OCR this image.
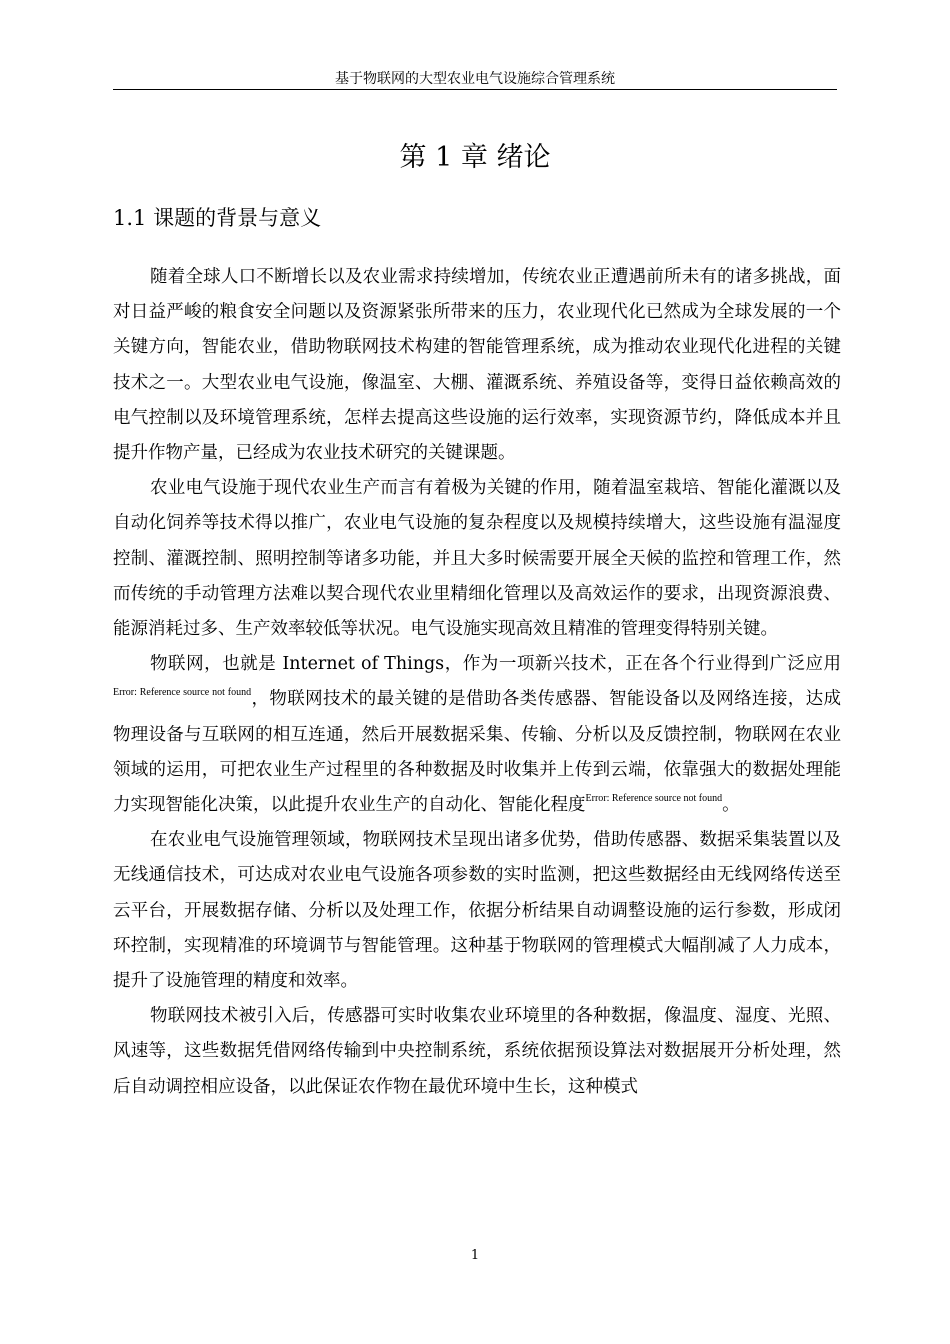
基于物联网的大型农业电气设施综合管理系统
第 1 章 绪论
1.1 课题的背景与意义

随着全球人口不断增长以及农业需求持续增加，传统农业正遭遇前所未有的诸多挑战，面对日益严峻的粮食安全问题以及资源紧张所带来的压力，农业现代化已然成为全球发展的一个关键方向，智能农业，借助物联网技术构建的智能管理系统，成为推动农业现代化进程的关键技术之一。大型农业电气设施，像温室、大棚、灌溉系统、养殖设备等，变得日益依赖高效的电气控制以及环境管理系统，怎样去提高这些设施的运行效率，实现资源节约，降低成本并且提升作物产量，已经成为农业技术研究的关键课题。

农业电气设施于现代农业生产而言有着极为关键的作用，随着温室栽培、智能化灌溉以及自动化饲养等技术得以推广，农业电气设施的复杂程度以及规模持续增大，这些设施有温湿度控制、灌溉控制、照明控制等诸多功能，并且大多时候需要开展全天候的监控和管理工作，然而传统的手动管理方法难以契合现代农业里精细化管理以及高效运作的要求，出现资源浪费、能源消耗过多、生产效率较低等状况。电气设施实现高效且精准的管理变得特别关键。

物联网，也就是 Internet of Things，作为一项新兴技术，正在各个行业得到广泛应用$^{Error: Reference source not found}$，物联网技术的最关键的是借助各类传感器、智能设备以及网络连接，达成物理设备与互联网的相互连通，然后开展数据采集、传输、分析以及反馈控制，物联网在农业领域的运用，可把农业生产过程里的各种数据及时收集并上传到云端，依靠强大的数据处理能力实现智能化决策，以此提升农业生产的自动化、智能化程度$^{Error: Reference source not found}$。

在农业电气设施管理领域，物联网技术呈现出诸多优势，借助传感器、数据采集装置以及无线通信技术，可达成对农业电气设施各项参数的实时监测，把这些数据经由无线网络传送至云平台，开展数据存储、分析以及处理工作，依据分析结果自动调整设施的运行参数，形成闭环控制，实现精准的环境调节与智能管理。这种基于物联网的管理模式大幅削减了人力成本，提升了设施管理的精度和效率。

物联网技术被引入后，传感器可实时收集农业环境里的各种数据，像温度、湿度、光照、风速等，这些数据凭借网络传输到中央控制系统，系统依据预设算法对数据展开分析处理，然后自动调控相应设备，以此保证农作物在最优环境中生长，这种模式

1
